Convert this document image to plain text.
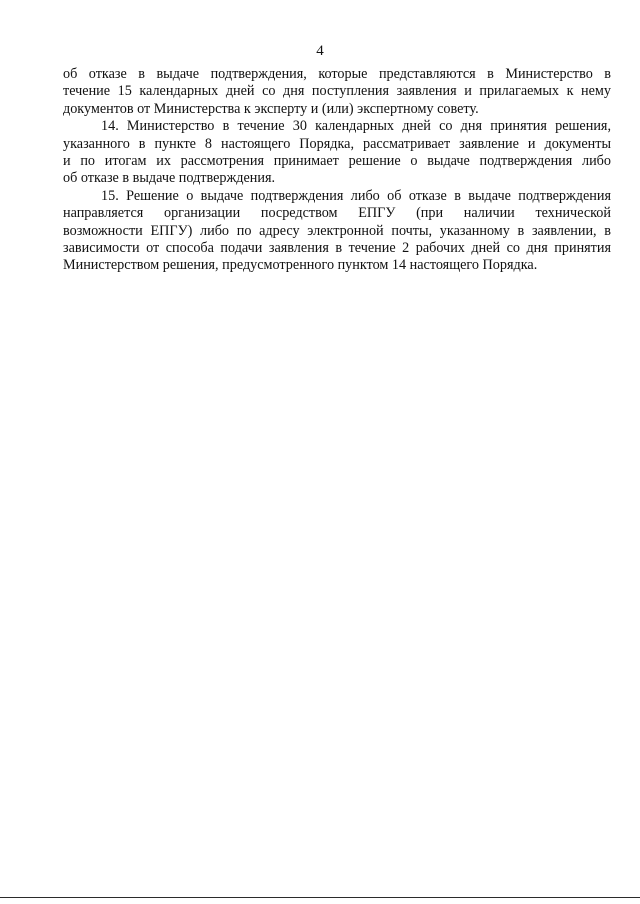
4

об отказе в выдаче подтверждения, которые представляются в Министерство в
течение 15 календарных дней со дня поступления заявления и прилагаемых к нему
документов от Министерства к эксперту и (или) экспертному совету.

14. Министерство в течение 30 календарных дней со дня принятия решения,
указанного в пункте 8 настоящего Порядка, рассматривает заявление и документы
и по итогам их рассмотрения принимает решение о выдаче подтверждения либо
об отказе в выдаче подтверждения.

15. Решение о выдаче подтверждения либо об отказе в выдаче подтверждения
направляется организации посредством ЕПГУ (при наличии технической
возможности ЕПГУ) либо по адресу электронной почты, указанному в заявлении, в
зависимости от способа подачи заявления в течение 2 рабочих дней со дня принятия
Министерством решения, предусмотренного пунктом 14 настоящего Порядка.
